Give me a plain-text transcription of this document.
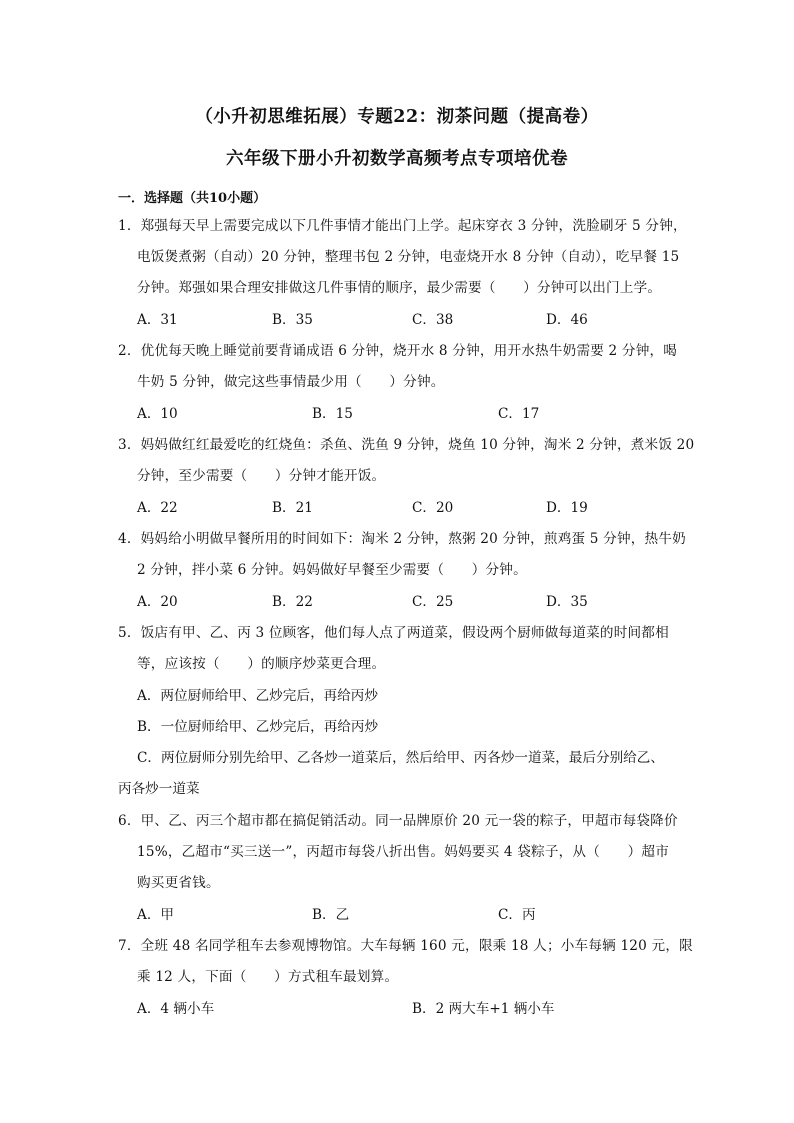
（小升初思维拓展）专题22：沏茶问题（提高卷）
六年级下册小升初数学高频考点专项培优卷
一．选择题（共10小题）
1．郑强每天早上需要完成以下几件事情才能出门上学。起床穿衣 3 分钟，洗脸刷牙 5 分钟，
电饭煲煮粥（自动）20 分钟，整理书包 2 分钟，电壶烧开水 8 分钟（自动），吃早餐 15
分钟。郑强如果合理安排做这几件事情的顺序，最少需要（　　）分钟可以出门上学。
A．31	B．35	C．38	D．46
2．优优每天晚上睡觉前要背诵成语 6 分钟，烧开水 8 分钟，用开水热牛奶需要 2 分钟，喝
牛奶 5 分钟，做完这些事情最少用（　　）分钟。
A．10	B．15	C．17
3．妈妈做红红最爱吃的红烧鱼：杀鱼、洗鱼 9 分钟，烧鱼 10 分钟，淘米 2 分钟，煮米饭 20
分钟，至少需要（　　）分钟才能开饭。
A．22	B．21	C．20	D．19
4．妈妈给小明做早餐所用的时间如下：淘米 2 分钟，熬粥 20 分钟，煎鸡蛋 5 分钟，热牛奶
2 分钟，拌小菜 6 分钟。妈妈做好早餐至少需要（　　）分钟。
A．20	B．22	C．25	D．35
5．饭店有甲、乙、丙 3 位顾客，他们每人点了两道菜，假设两个厨师做每道菜的时间都相
等，应该按（　　）的顺序炒菜更合理。
A．两位厨师给甲、乙炒完后，再给丙炒
B．一位厨师给甲、乙炒完后，再给丙炒
C．两位厨师分别先给甲、乙各炒一道菜后，然后给甲、丙各炒一道菜，最后分别给乙、
丙各炒一道菜
6．甲、乙、丙三个超市都在搞促销活动。同一品牌原价 20 元一袋的粽子，甲超市每袋降价
15%，乙超市“买三送一”，丙超市每袋八折出售。妈妈要买 4 袋粽子，从（　　）超市
购买更省钱。
A．甲	B．乙	C．丙
7．全班 48 名同学租车去参观博物馆。大车每辆 160 元，限乘 18 人；小车每辆 120 元，限
乘 12 人，下面（　　）方式租车最划算。
A．4 辆小车	B．2 两大车+1 辆小车
